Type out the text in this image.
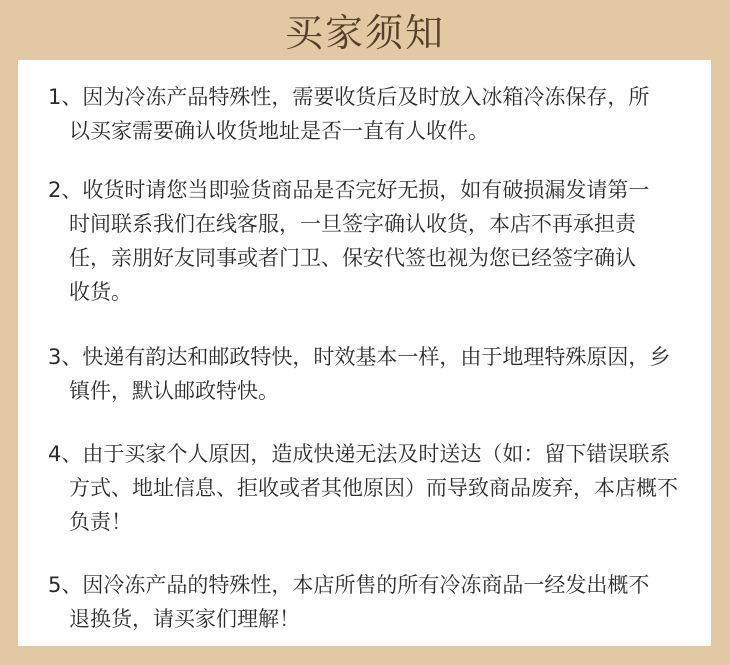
买家须知
1、因为冷冻产品特殊性，需要收货后及时放入冰箱冷冻保存，所
以买家需要确认收货地址是否一直有人收件。
2、收货时请您当即验货商品是否完好无损，如有破损漏发请第一
时间联系我们在线客服，一旦签字确认收货，本店不再承担责
任，亲朋好友同事或者门卫、保安代签也视为您已经签字确认
收货。
3、快递有韵达和邮政特快，时效基本一样，由于地理特殊原因，乡
镇件，默认邮政特快。
4、由于买家个人原因，造成快递无法及时送达（如：留下错误联系
方式、地址信息、拒收或者其他原因）而导致商品废弃，本店概不
负责！
5、因冷冻产品的特殊性，本店所售的所有冷冻商品一经发出概不
退换货，请买家们理解！
